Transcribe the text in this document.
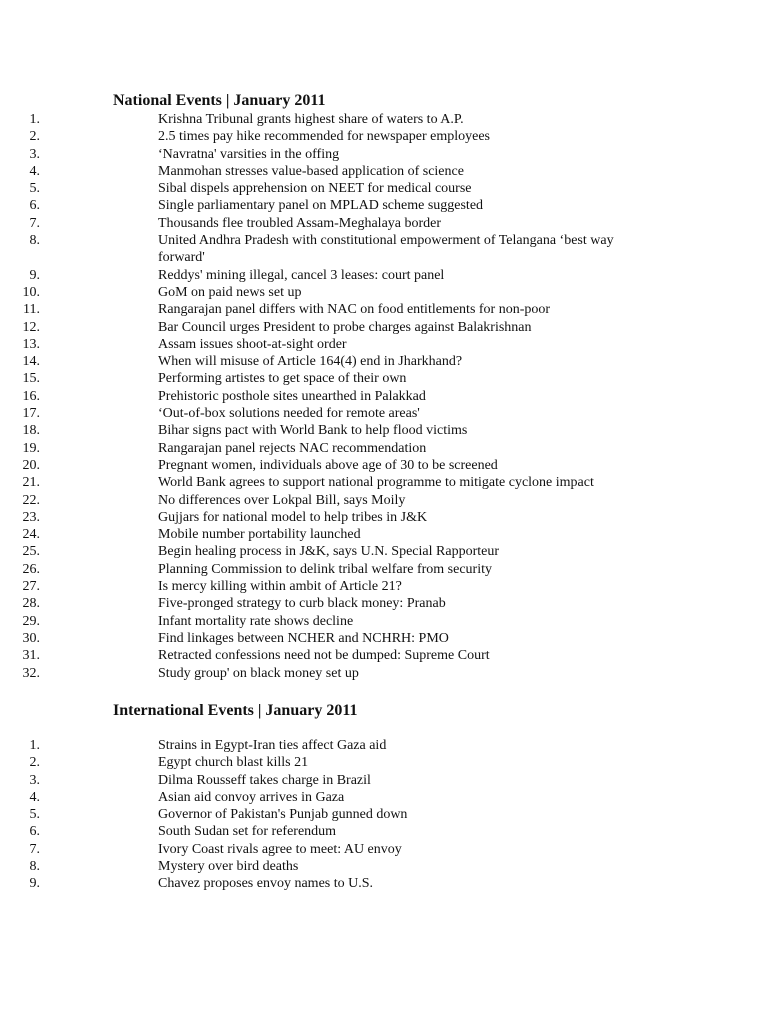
National Events | January 2011
1.	Krishna Tribunal grants highest share of waters to A.P.
2.	2.5 times pay hike recommended for newspaper employees
3.	‘Navratna' varsities in the offing
4.	Manmohan stresses value-based application of science
5.	Sibal dispels apprehension on NEET for medical course
6.	Single parliamentary panel on MPLAD scheme suggested
7.	Thousands flee troubled Assam-Meghalaya border
8.	United Andhra Pradesh with constitutional empowerment of Telangana ‘best way forward'
9.	Reddys' mining illegal, cancel 3 leases: court panel
10.	GoM on paid news set up
11.	Rangarajan panel differs with NAC on food entitlements for non-poor
12.	Bar Council urges President to probe charges against Balakrishnan
13.	Assam issues shoot-at-sight order
14.	When will misuse of Article 164(4) end in Jharkhand?
15.	Performing artistes to get space of their own
16.	Prehistoric posthole sites unearthed in Palakkad
17.	‘Out-of-box solutions needed for remote areas'
18.	Bihar signs pact with World Bank to help flood victims
19.	Rangarajan panel rejects NAC recommendation
20.	Pregnant women, individuals above age of 30 to be screened
21.	World Bank agrees to support national programme to mitigate cyclone impact
22.	No differences over Lokpal Bill, says Moily
23.	Gujjars for national model to help tribes in J&K
24.	Mobile number portability launched
25.	Begin healing process in J&K, says U.N. Special Rapporteur
26.	Planning Commission to delink tribal welfare from security
27.	Is mercy killing within ambit of Article 21?
28.	Five-pronged strategy to curb black money: Pranab
29.	Infant mortality rate shows decline
30.	Find linkages between NCHER and NCHRH: PMO
31.	Retracted confessions need not be dumped: Supreme Court
32.	Study group' on black money set up
International Events | January 2011
1.	Strains in Egypt-Iran ties affect Gaza aid
2.	Egypt church blast kills 21
3.	Dilma Rousseff takes charge in Brazil
4.	Asian aid convoy arrives in Gaza
5.	Governor of Pakistan's Punjab gunned down
6.	South Sudan set for referendum
7.	Ivory Coast rivals agree to meet: AU envoy
8.	Mystery over bird deaths
9.	Chavez proposes envoy names to U.S.
